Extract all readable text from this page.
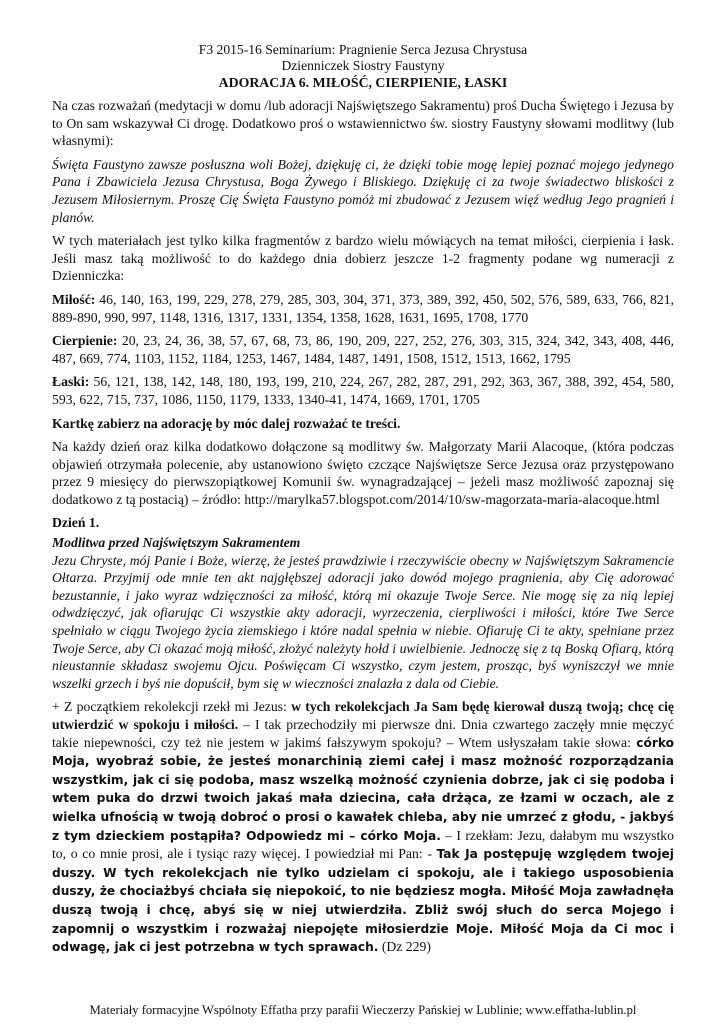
F3 2015-16 Seminarium: Pragnienie Serca Jezusa Chrystusa

Dzienniczek Siostry Faustyny

ADORACJA 6. MIŁOŚĆ, CIERPIENIE, ŁASKI

Na czas rozważań (medytacji w domu /lub adoracji Najświętszego Sakramentu) proś Ducha Świętego i Jezusa by to On sam wskazywał Ci drogę. Dodatkowo proś o wstawiennictwo św. siostry Faustyny słowami modlitwy (lub własnymi):

Święta Faustyno zawsze posłuszna woli Bożej, dziękuję ci, że dzięki tobie mogę lepiej poznać mojego jedynego Pana i Zbawiciela Jezusa Chrystusa, Boga Żywego i Bliskiego. Dziękuję ci za twoje świadectwo bliskości z Jezusem Miłosiernym. Proszę Cię Święta Faustyno pomóż mi zbudować z Jezusem więź według Jego pragnień i planów.

W tych materiałach jest tylko kilka fragmentów z bardzo wielu mówiących na temat miłości, cierpienia i łask. Jeśli masz taką możliwość to do każdego dnia dobierz jeszcze 1-2 fragmenty podane wg numeracji z Dzienniczka:

Miłość: 46, 140, 163, 199, 229, 278, 279, 285, 303, 304, 371, 373, 389, 392, 450, 502, 576, 589, 633, 766, 821, 889-890, 990, 997, 1148, 1316, 1317, 1331, 1354, 1358, 1628, 1631, 1695, 1708, 1770

Cierpienie: 20, 23, 24, 36, 38, 57, 67, 68, 73, 86, 190, 209, 227, 252, 276, 303, 315, 324, 342, 343, 408, 446, 487, 669, 774, 1103, 1152, 1184, 1253, 1467, 1484, 1487, 1491, 1508, 1512, 1513, 1662, 1795

Łaski: 56, 121, 138, 142, 148, 180, 193, 199, 210, 224, 267, 282, 287, 291, 292, 363, 367, 388, 392, 454, 580, 593, 622, 715, 737, 1086, 1150, 1179, 1333, 1340-41, 1474, 1669, 1701, 1705

Kartkę zabierz na adorację by móc dalej rozważać te treści.

Na każdy dzień oraz kilka dodatkowo dołączone są modlitwy św. Małgorzaty Marii Alacoque, (która podczas objawień otrzymała polecenie, aby ustanowiono święto czczące Najświętsze Serce Jezusa oraz przystępowano przez 9 miesięcy do pierwszopiątkowej Komunii św. wynagradzającej – jeżeli masz możliwość zapoznaj się dodatkowo z tą postacią) – źródło: http://marylka57.blogspot.com/2014/10/sw-magorzata-maria-alacoque.html

Dzień 1.

Modlitwa przed Najświętszym Sakramentem

Jezu Chryste, mój Panie i Boże, wierzę, że jesteś prawdziwie i rzeczywiście obecny w Najświętszym Sakramencie Ołtarza. Przyjmij ode mnie ten akt najgłębszej adoracji jako dowód mojego pragnienia, aby Cię adorować bezustannie, i jako wyraz wdzięczności za miłość, którą mi okazuje Twoje Serce. Nie mogę się za nią lepiej odwdzięczyć, jak ofiarując Ci wszystkie akty adoracji, wyrzeczenia, cierpliwości i miłości, które Twe Serce spełniało w ciągu Twojego życia ziemskiego i które nadal spełnia w niebie. Ofiaruję Ci te akty, spełniane przez Twoje Serce, aby Ci okazać moją miłość, złożyć należyty hołd i uwielbienie. Jednoczę się z tą Boską Ofiarą, którą nieustannie składasz swojemu Ojcu. Poświęcam Ci wszystko, czym jestem, prosząc, byś wyniszczył we mnie wszelki grzech i byś nie dopuścił, bym się w wieczności znalazła z dala od Ciebie.

+ Z początkiem rekolekcji rzekł mi Jezus: w tych rekolekcjach Ja Sam będę kierował duszą twoją; chcę cię utwierdzić w spokoju i miłości. – I tak przechodziły mi pierwsze dni. Dnia czwartego zaczęły mnie męczyć takie niepewności, czy też nie jestem w jakimś fałszywym spokoju? – Wtem usłyszałam takie słowa: córko Moja, wyobraź sobie, że jesteś monarchinią ziemi całej i masz możność rozporządzania wszystkim, jak ci się podoba, masz wszelką możność czynienia dobrze, jak ci się podoba i wtem puka do drzwi twoich jakaś mała dziecina, cała drżąca, ze łzami w oczach, ale z wielka ufnością w twoją dobroć o prosi o kawałek chleba, aby nie umrzeć z głodu, - jakbyś z tym dzieckiem postąpiła? Odpowiedz mi – córko Moja. – I rzekłam: Jezu, dałabym mu wszystko to, o co mnie prosi, ale i tysiąc razy więcej. I powiedział mi Pan: - Tak Ja postępuję względem twojej duszy. W tych rekolekcjach nie tylko udzielam ci spokoju, ale i takiego usposobienia duszy, że chociażbyś chciała się niepokoić, to nie będziesz mogła. Miłość Moja zawładnęła duszą twoją i chcę, abyś się w niej utwierdziła. Zbliż swój słuch do serca Mojego i zapomnij o wszystkim i rozważaj niepojęte miłosierdzie Moje. Miłość Moja da Ci moc i odwagę, jak ci jest potrzebna w tych sprawach. (Dz 229)

Materiały formacyjne Wspólnoty Effatha przy parafii Wieczerzy Pańskiej w Lublinie; www.effatha-lublin.pl
